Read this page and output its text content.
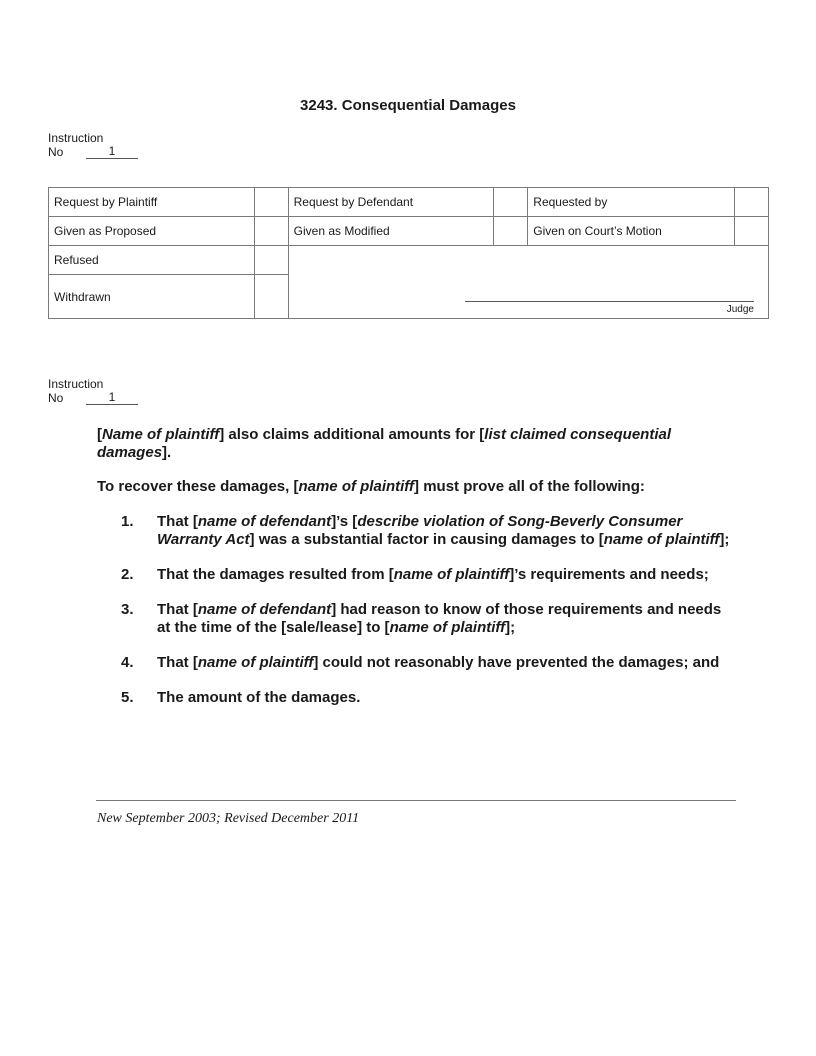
3243. Consequential Damages
Instruction
No	1
Request by Plaintiff		Request by Defendant		Requested by	
Given as Proposed		Given as Modified		Given on Court’s Motion	
Refused		Judge			

Withdrawn					
Instruction
No	1

[Name of plaintiff] also claims additional amounts for [list claimed consequential damages].

To recover these damages, [name of plaintiff] must prove all of the following:

1.	That [name of defendant]’s [describe violation of Song-Beverly Consumer Warranty Act] was a substantial factor in causing damages to [name of plaintiff];
2.	That the damages resulted from [name of plaintiff]’s requirements and needs;
3.	That [name of defendant] had reason to know of those requirements and needs at the time of the [sale/lease] to [name of plaintiff];
4.	That [name of plaintiff] could not reasonably have prevented the damages; and
5.	The amount of the damages.
New September 2003; Revised December 2011
